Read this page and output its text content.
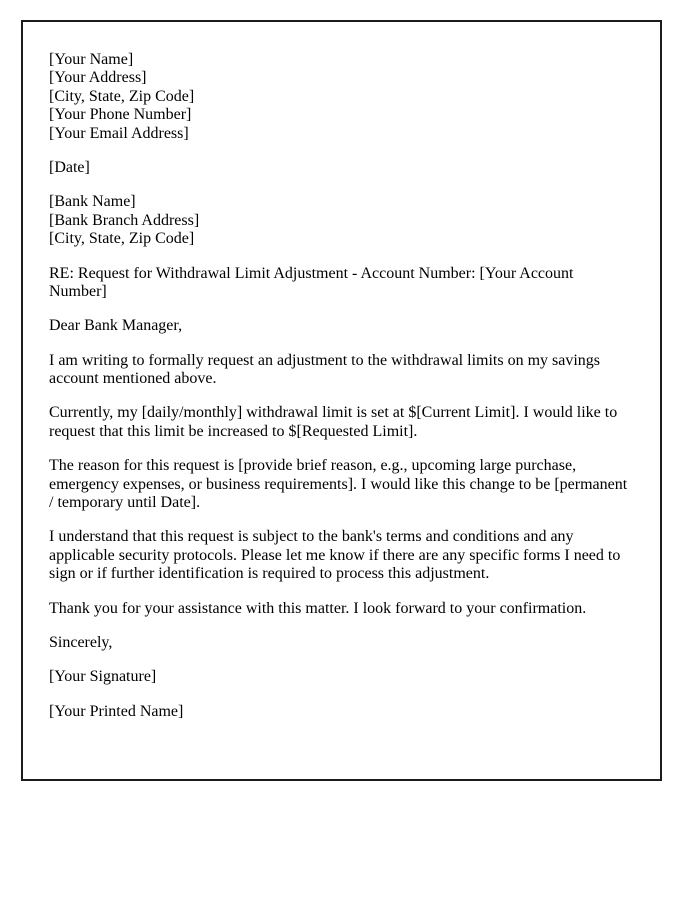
[Your Name]
[Your Address]
[City, State, Zip Code]
[Your Phone Number]
[Your Email Address]

[Date]

[Bank Name]
[Bank Branch Address]
[City, State, Zip Code]

RE: Request for Withdrawal Limit Adjustment - Account Number: [Your Account Number]

Dear Bank Manager,

I am writing to formally request an adjustment to the withdrawal limits on my savings account mentioned above.

Currently, my [daily/monthly] withdrawal limit is set at $[Current Limit]. I would like to request that this limit be increased to $[Requested Limit].

The reason for this request is [provide brief reason, e.g., upcoming large purchase, emergency expenses, or business requirements]. I would like this change to be [permanent / temporary until Date].

I understand that this request is subject to the bank's terms and conditions and any applicable security protocols. Please let me know if there are any specific forms I need to sign or if further identification is required to process this adjustment.

Thank you for your assistance with this matter. I look forward to your confirmation.

Sincerely,

[Your Signature]

[Your Printed Name]
